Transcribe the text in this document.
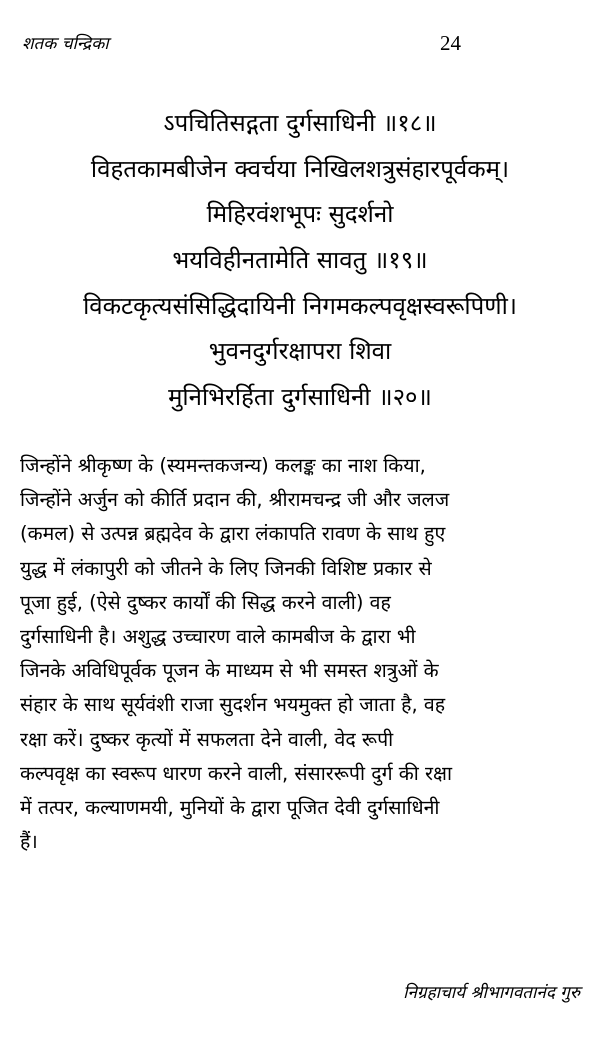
शतक चन्द्रिका	24
ऽपचितिसद्गता दुर्गसाधिनी ॥१८॥
विहतकामबीजेन क्वर्चया निखिलशत्रुसंहारपूर्वकम्।
मिहिरवंशभूपः सुदर्शनो
भयविहीनतामेति सावतु ॥१९॥
विकटकृत्यसंसिद्धिदायिनी निगमकल्पवृक्षस्वरूपिणी।
भुवनदुर्गरक्षापरा शिवा
मुनिभिरर्हिता दुर्गसाधिनी ॥२०॥
जिन्होंने श्रीकृष्ण के (स्यमन्तकजन्य) कलङ्क का नाश किया,
जिन्होंने अर्जुन को कीर्ति प्रदान की, श्रीरामचन्द्र जी और जलज
(कमल) से उत्पन्न ब्रह्मदेव के द्वारा लंकापति रावण के साथ हुए
युद्ध में लंकापुरी को जीतने के लिए जिनकी विशिष्ट प्रकार से
पूजा हुई, (ऐसे दुष्कर कार्यों की सिद्ध करने वाली) वह
दुर्गसाधिनी है। अशुद्ध उच्चारण वाले कामबीज के द्वारा भी
जिनके अविधिपूर्वक पूजन के माध्यम से भी समस्त शत्रुओं के
संहार के साथ सूर्यवंशी राजा सुदर्शन भयमुक्त हो जाता है, वह
रक्षा करें। दुष्कर कृत्यों में सफलता देने वाली, वेद रूपी
कल्पवृक्ष का स्वरूप धारण करने वाली, संसाररूपी दुर्ग की रक्षा
में तत्पर, कल्याणमयी, मुनियों के द्वारा पूजित देवी दुर्गसाधिनी
हैं।
निग्रहाचार्य श्रीभागवतानंद गुरु
